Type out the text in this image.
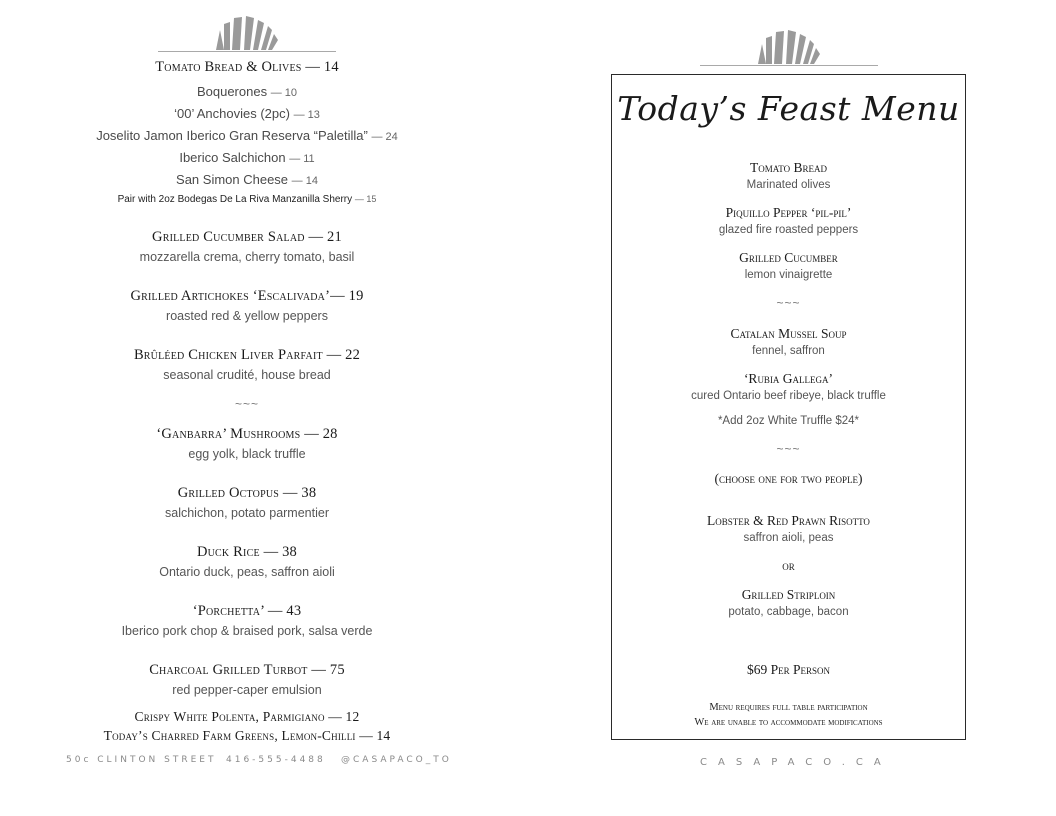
Tomato Bread & Olives — 14
Boquerones — 10
‘00’ Anchovies (2pc) — 13
Joselito Jamon Iberico Gran Reserva “Paletilla” — 24
Iberico Salchichon — 11
San Simon Cheese — 14
Pair with 2oz Bodegas De La Riva Manzanilla Sherry — 15
Grilled Cucumber Salad — 21
mozzarella crema, cherry tomato, basil
Grilled Artichokes ‘Escalivada’— 19
roasted red & yellow peppers
Brûléed Chicken Liver Parfait — 22
seasonal crudité, house bread
~~~
‘Ganbarra’ Mushrooms — 28
egg yolk, black truffle
Grilled Octopus — 38
salchichon, potato parmentier
Duck Rice — 38
Ontario duck, peas, saffron aioli
‘Porchetta’ — 43
Iberico pork chop & braised pork, salsa verde
Charcoal Grilled Turbot — 75
red pepper-caper emulsion
Crispy White Polenta, Parmigiano — 12
Today’s Charred Farm Greens, Lemon-Chilli — 14
50c CLINTON STREET 416-555-4488 @CASAPACO_TO
Today’s Feast Menu
Tomato Bread
Marinated olives
Piquillo Pepper ‘pil-pil’
glazed fire roasted peppers
Grilled Cucumber
lemon vinaigrette
~~~
Catalan Mussel Soup
fennel, saffron
‘Rubia Gallega’
cured Ontario beef ribeye, black truffle
*Add 2oz White Truffle $24*
~~~
(choose one for two people)
Lobster & Red Prawn Risotto
saffron aioli, peas
or
Grilled Striploin
potato, cabbage, bacon
$69 Per Person
Menu requires full table participation
We are unable to accommodate modifications
CASAPACO.CA
